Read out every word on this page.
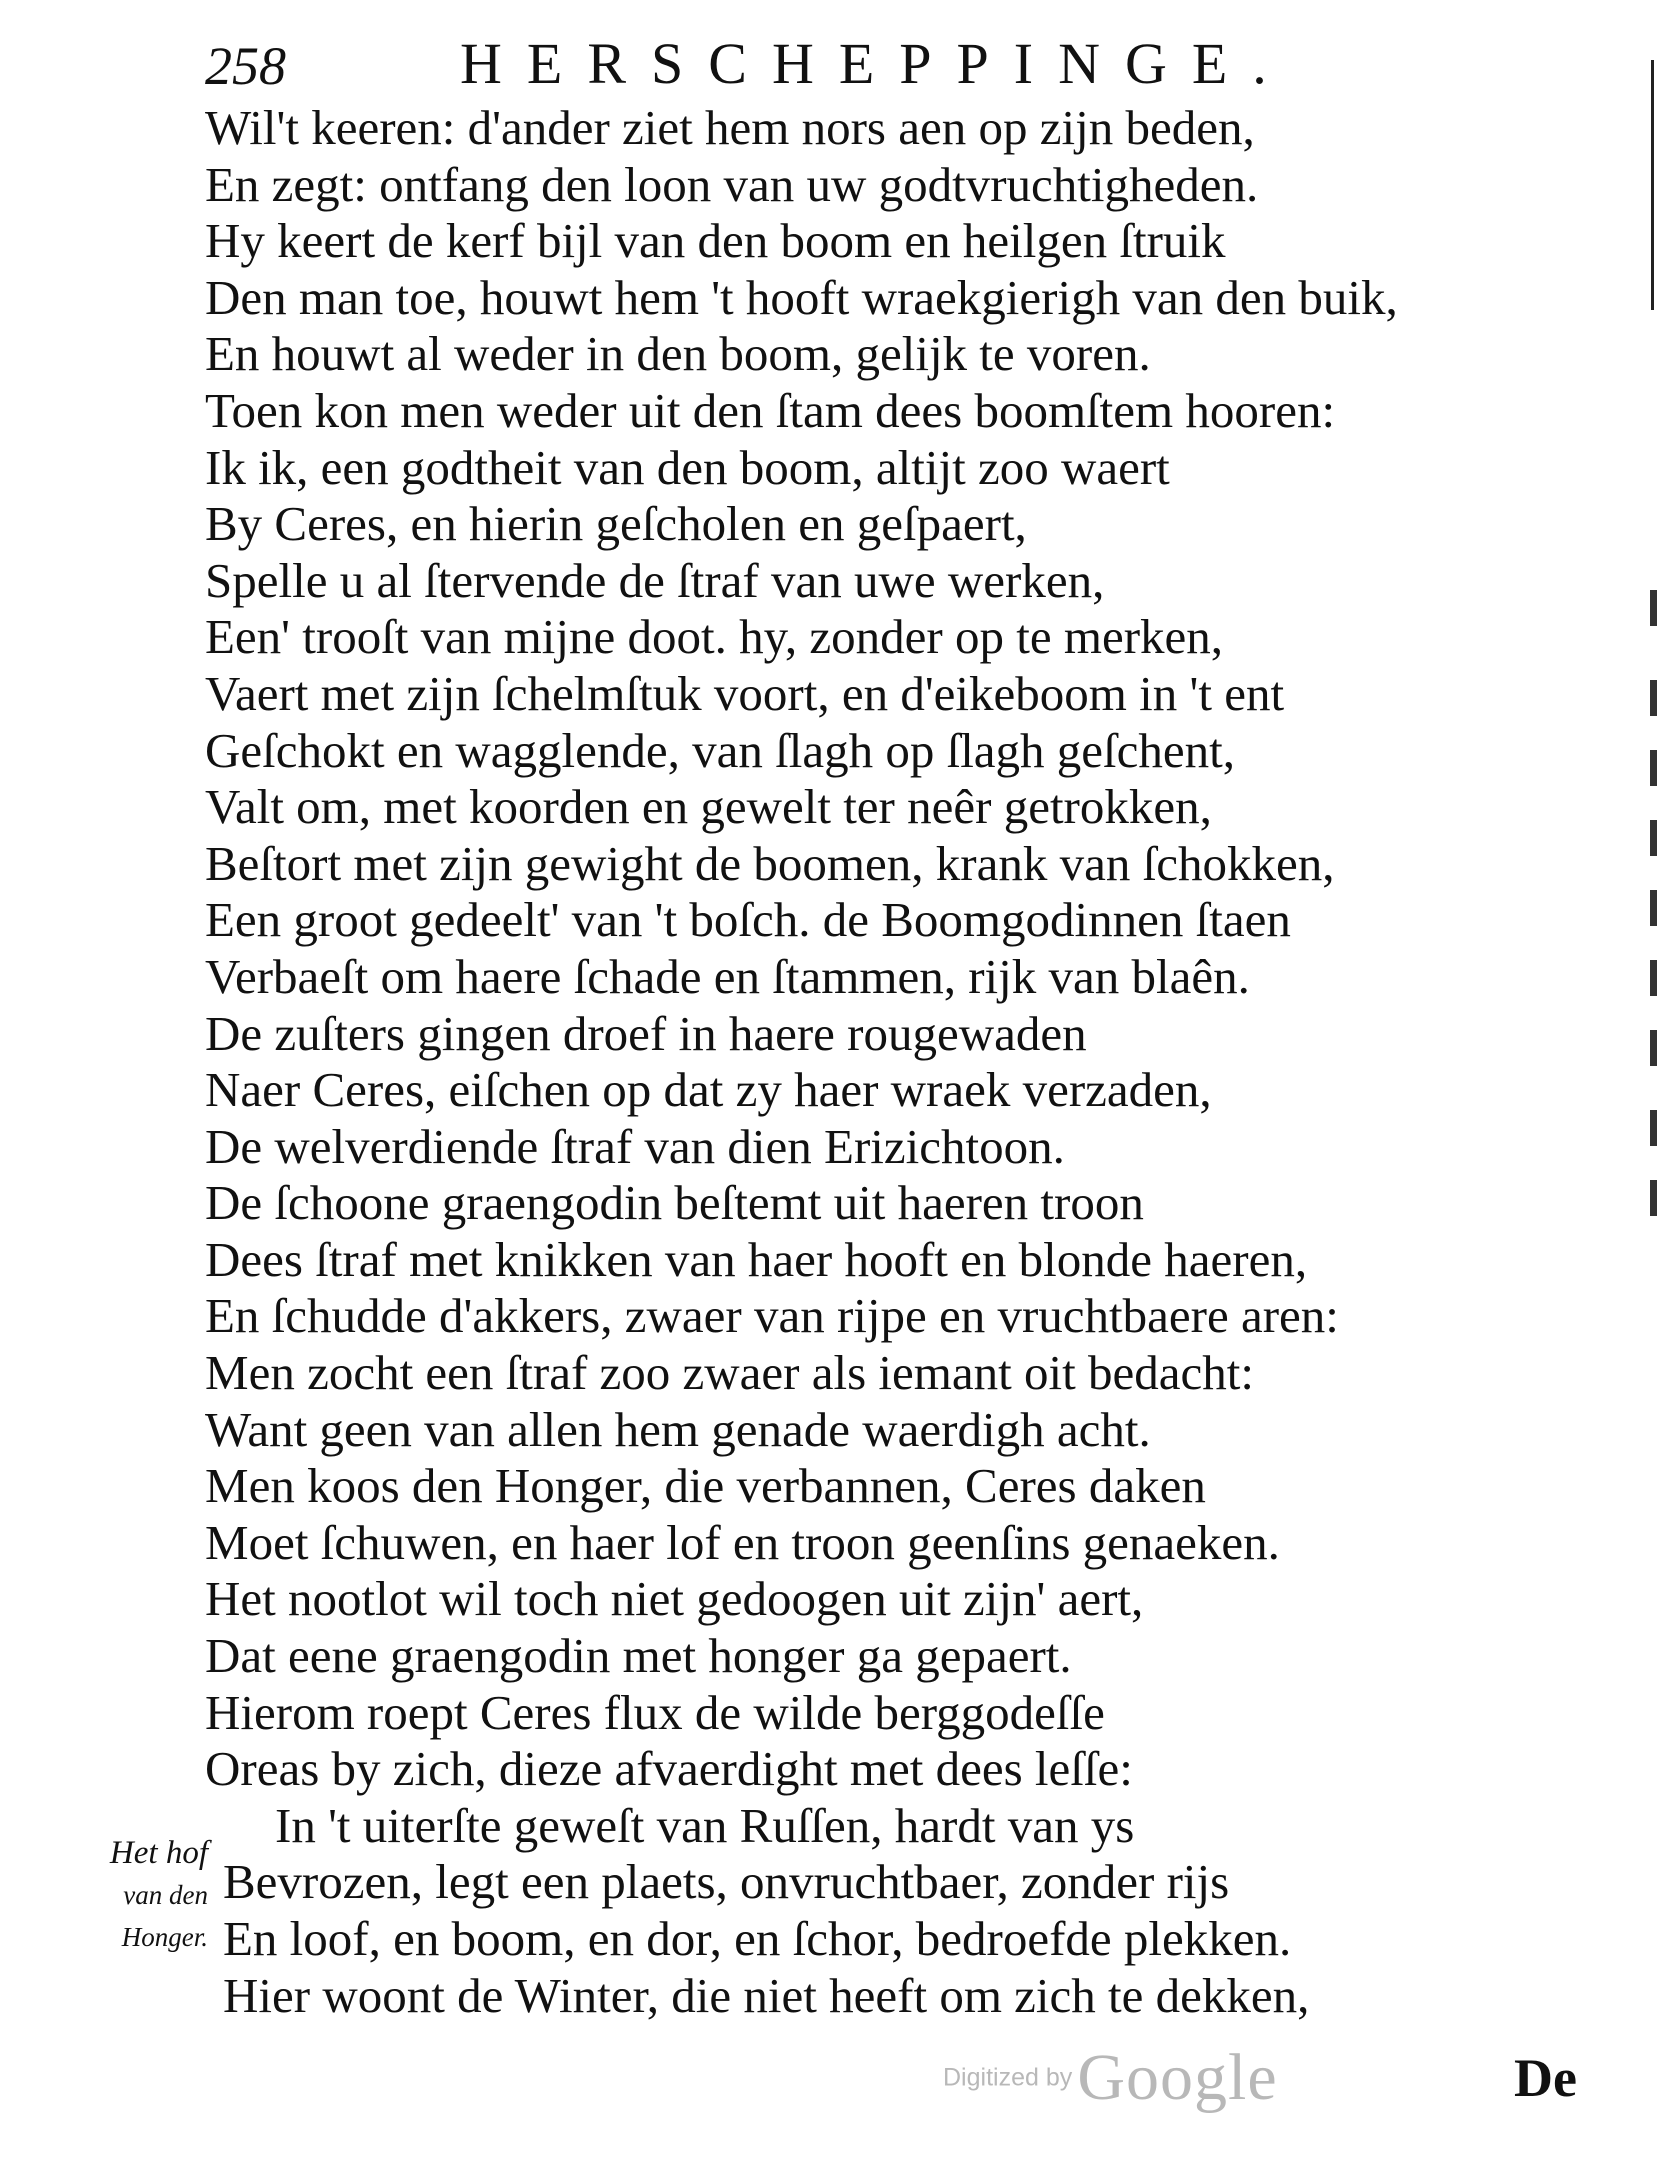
258	HERSCHEPPINGE.
Wil't keeren: d'ander ziet hem nors aen op zijn beden,
En zegt: ontfang den loon van uw godtvruchtigheden.
Hy keert de kerf bijl van den boom en heilgen ſtruik
Den man toe, houwt hem 't hooft wraekgierigh van den buik,
En houwt al weder in den boom, gelijk te voren.
Toen kon men weder uit den ſtam dees boomſtem hooren:
Ik ik, een godtheit van den boom, altijt zoo waert
By Ceres, en hierin geſcholen en geſpaert,
Spelle u al ſtervende de ſtraf van uwe werken,
Een' trooſt van mijne doot. hy, zonder op te merken,
Vaert met zijn ſchelmſtuk voort, en d'eikeboom in 't ent
Geſchokt en wagglende, van ſlagh op ſlagh geſchent,
Valt om, met koorden en gewelt ter neêr getrokken,
Beſtort met zijn gewight de boomen, krank van ſchokken,
Een groot gedeelt' van 't boſch. de Boomgodinnen ſtaen
Verbaeſt om haere ſchade en ſtammen, rijk van blaên.
De zuſters gingen droef in haere rougewaden
Naer Ceres, eiſchen op dat zy haer wraek verzaden,
De welverdiende ſtraf van dien Erizichtoon.
De ſchoone graengodin beſtemt uit haeren troon
Dees ſtraf met knikken van haer hooft en blonde haeren,
En ſchudde d'akkers, zwaer van rijpe en vruchtbaere aren:
Men zocht een ſtraf zoo zwaer als iemant oit bedacht:
Want geen van allen hem genade waerdigh acht.
Men koos den Honger, die verbannen, Ceres daken
Moet ſchuwen, en haer lof en troon geenſins genaeken.
Het nootlot wil toch niet gedoogen uit zijn' aert,
Dat eene graengodin met honger ga gepaert.
Hierom roept Ceres flux de wilde berggodeſſe
Oreas by zich, dieze afvaerdight met dees leſſe:
In 't uiterſte geweſt van Ruſſen, hardt van ys
Bevrozen, legt een plaets, onvruchtbaer, zonder rijs
En loof, en boom, en dor, en ſchor, bedroefde plekken.
Hier woont de Winter, die niet heeft om zich te dekken,
Het hof
van den
Honger.
Digitized by Google	De
